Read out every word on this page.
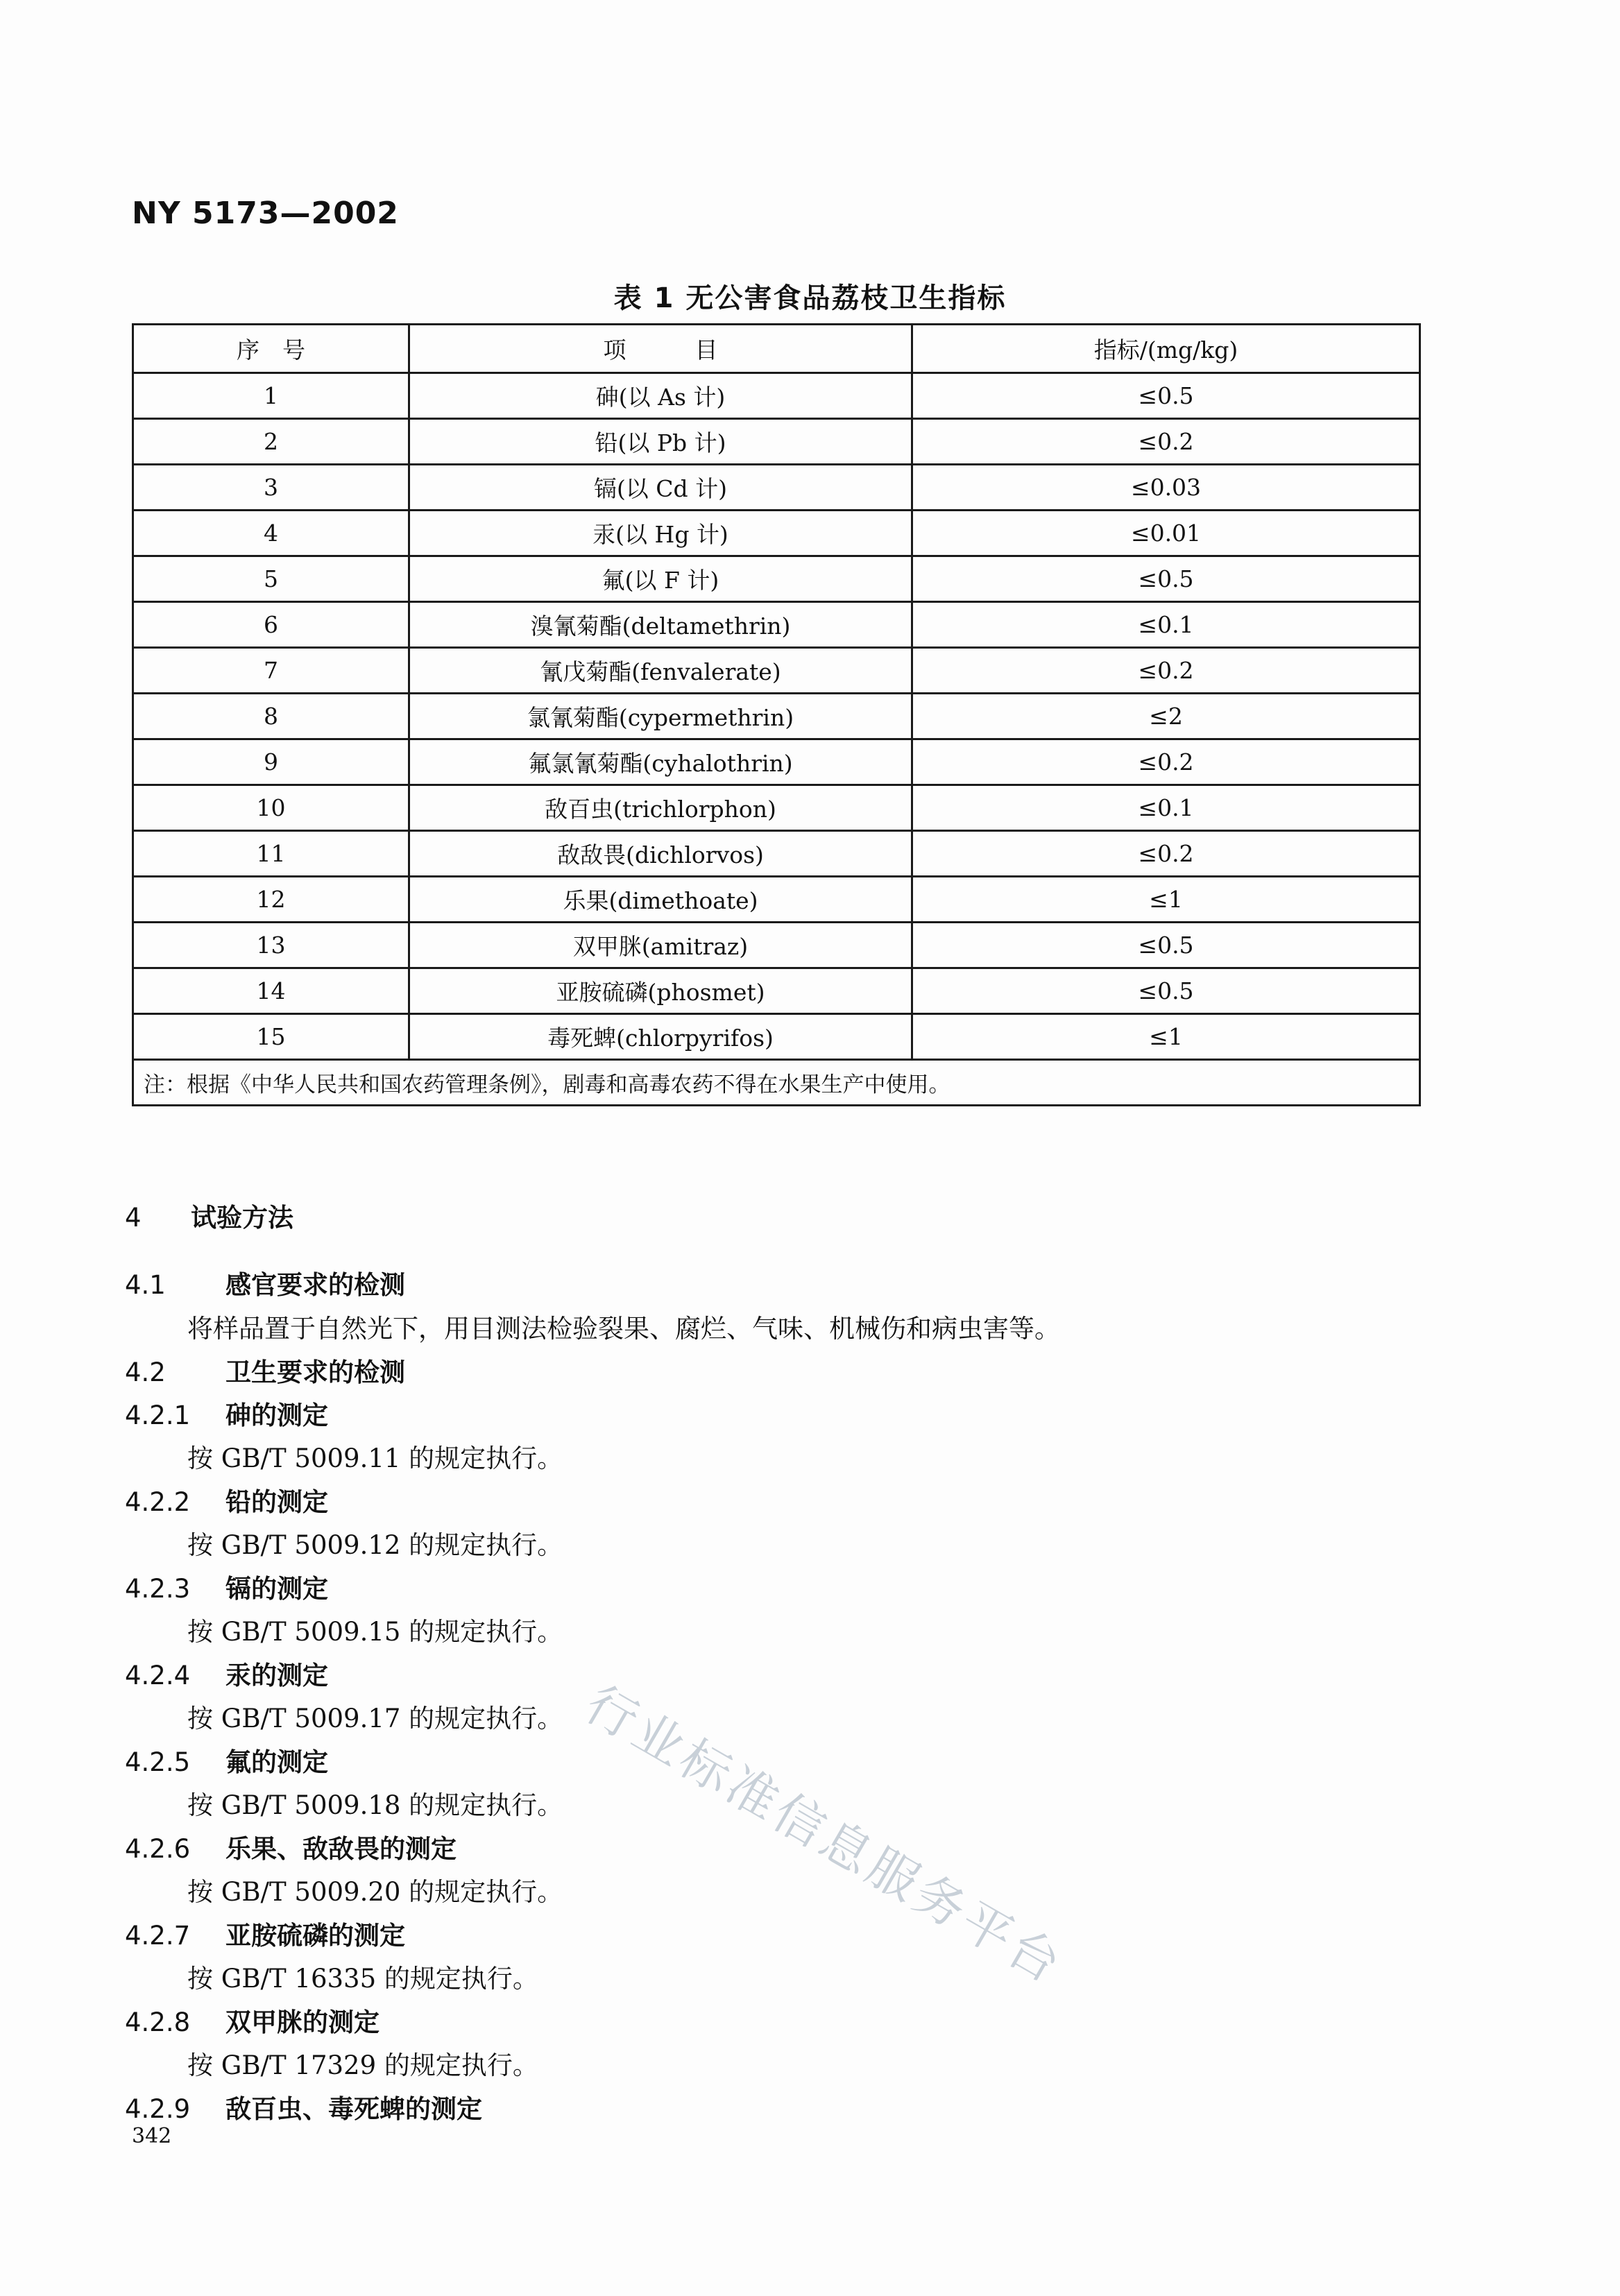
NY 5173—2002
表 1 无公害食品荔枝卫生指标
序　号	项　　　目	指标/(mg/kg)
1	砷(以 As 计)	≤0.5
2	铅(以 Pb 计)	≤0.2
3	镉(以 Cd 计)	≤0.03
4	汞(以 Hg 计)	≤0.01
5	氟(以 F 计)	≤0.5
6	溴氰菊酯(deltamethrin)	≤0.1
7	氰戊菊酯(fenvalerate)	≤0.2
8	氯氰菊酯(cypermethrin)	≤2
9	氟氯氰菊酯(cyhalothrin)	≤0.2
10	敌百虫(trichlorphon)	≤0.1
11	敌敌畏(dichlorvos)	≤0.2
12	乐果(dimethoate)	≤1
13	双甲脒(amitraz)	≤0.5
14	亚胺硫磷(phosmet)	≤0.5
15	毒死蜱(chlorpyrifos)	≤1
注：根据《中华人民共和国农药管理条例》，剧毒和高毒农药不得在水果生产中使用。		
4 试验方法
4.1 感官要求的检测
将样品置于自然光下，用目测法检验裂果、腐烂、气味、机械伤和病虫害等。
4.2 卫生要求的检测
4.2.1 砷的测定
按 GB/T 5009.11 的规定执行。
4.2.2 铅的测定
按 GB/T 5009.12 的规定执行。
4.2.3 镉的测定
按 GB/T 5009.15 的规定执行。
4.2.4 汞的测定
按 GB/T 5009.17 的规定执行。
4.2.5 氟的测定
按 GB/T 5009.18 的规定执行。
4.2.6 乐果、敌敌畏的测定
按 GB/T 5009.20 的规定执行。
4.2.7 亚胺硫磷的测定
按 GB/T 16335 的规定执行。
4.2.8 双甲脒的测定
按 GB/T 17329 的规定执行。
4.2.9 敌百虫、毒死蜱的测定
342
行业标准信息服务平台
